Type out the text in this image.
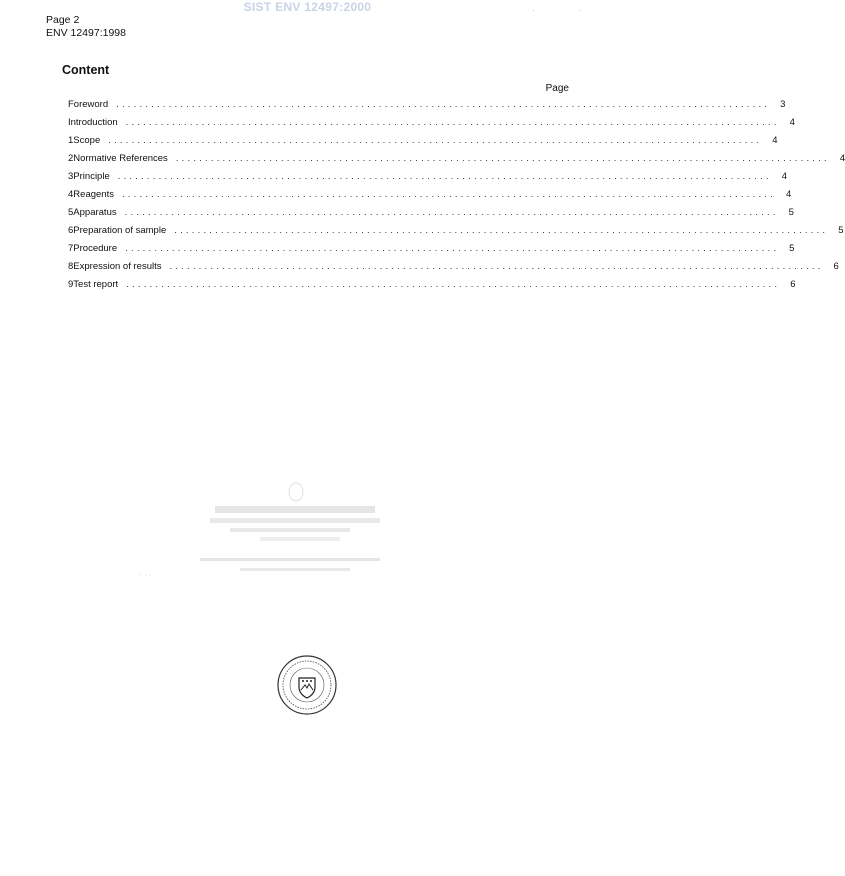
SIST ENV 12497:2000	.                       .
Page 2
ENV 12497:1998
Content
Page
Foreword ................................................................................................................ 3
Introduction ................................................................................................................ 4
1 Scope ................................................................................................................ 4
2 Normative References ................................................................................................................ 4
3 Principle ................................................................................................................ 4
4 Reagents ................................................................................................................ 4
5 Apparatus ................................................................................................................ 5
6 Preparation of sample ................................................................................................................ 5
7 Procedure ................................................................................................................ 5
8 Expression of results ................................................................................................................ 6
9 Test report ................................................................................................................ 6
·  · ·
